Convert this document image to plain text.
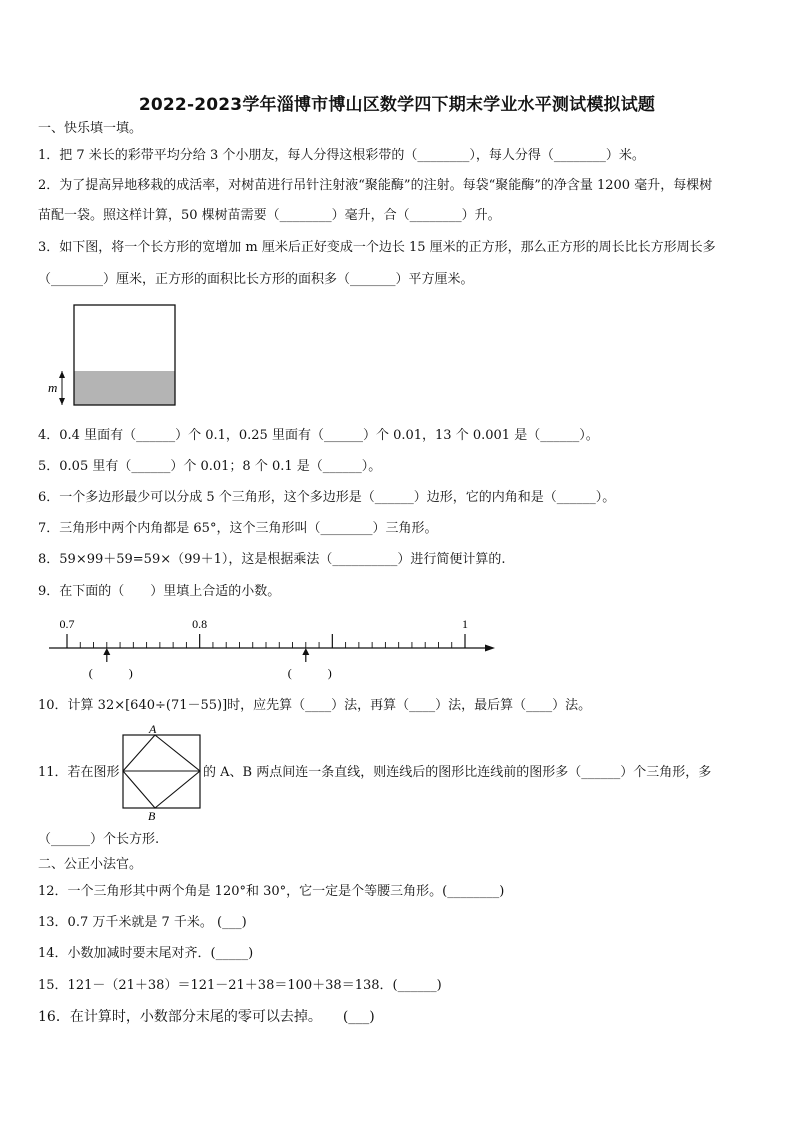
2022-2023学年淄博市博山区数学四下期末学业水平测试模拟试题
一、快乐填一填。
1．把 7 米长的彩带平均分给 3 个小朋友，每人分得这根彩带的（________），每人分得（________）米。
2．为了提高异地移栽的成活率，对树苗进行吊针注射液“聚能酶”的注射。每袋“聚能酶”的净含量 1200 毫升，每棵树
苗配一袋。照这样计算，50 棵树苗需要（________）毫升，合（________）升。
3．如下图，将一个长方形的宽增加 m 厘米后正好变成一个边长 15 厘米的正方形，那么正方形的周长比长方形周长多
（________）厘米，正方形的面积比长方形的面积多（_______）平方厘米。
m
4．0.4 里面有（______）个 0.1，0.25 里面有（______）个 0.01，13 个 0.001 是（______）。
5．0.05 里有（______）个 0.01；8 个 0.1 是（______）。
6．一个多边形最少可以分成 5 个三角形，这个多边形是（______）边形，它的内角和是（______）。
7．三角形中两个内角都是 65°，这个三角形叫（________）三角形。
8．59×99＋59=59×（99＋1），这是根据乘法（__________）进行简便计算的.
9．在下面的（　　）里填上合适的小数。
0.7	0.8	1
(　　　)	(　　　)
10．计算 32×[640÷(71－55)]时，应先算（____）法，再算（____）法，最后算（____）法。
11．若在图形
A
B
的 A、B 两点间连一条直线，则连线后的图形比连线前的图形多（______）个三角形，多
（______）个长方形.
二、公正小法官。
12．一个三角形其中两个角是 120°和 30°，它一定是个等腰三角形。(________)
13．0.7 万千米就是 7 千米。 (___)
14．小数加减时要末尾对齐．(_____)
15．121－（21＋38）＝121－21＋38＝100＋38＝138．(______)
16．在计算时，小数部分末尾的零可以去掉。　　(___)
